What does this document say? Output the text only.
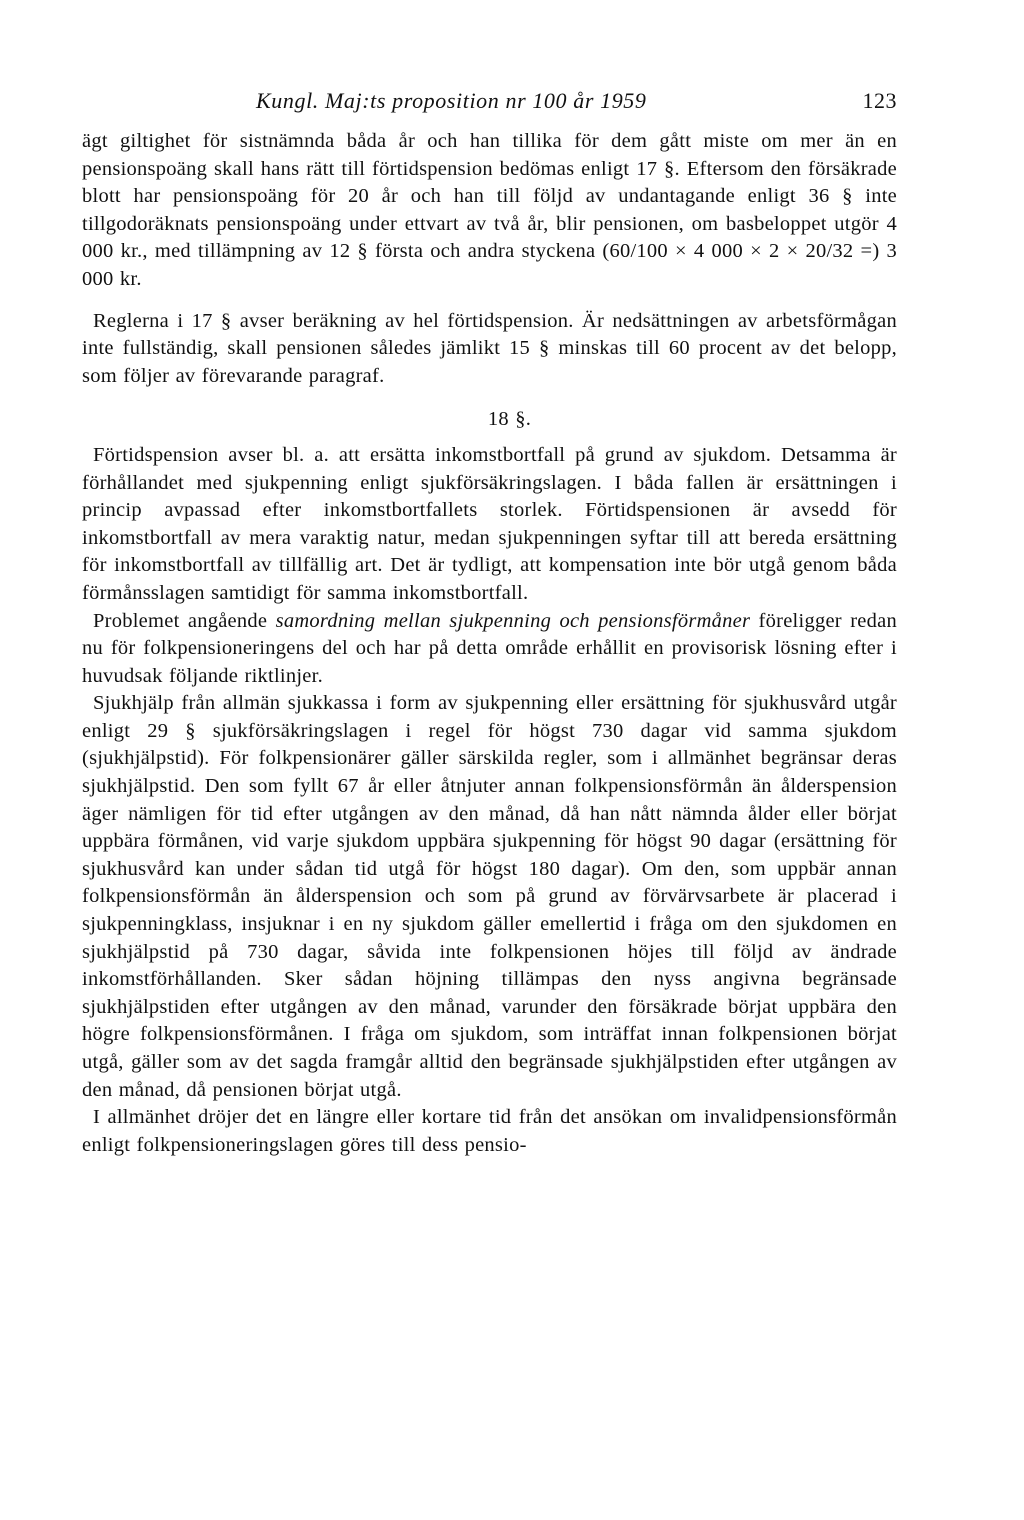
Kungl. Maj:ts proposition nr 100 år 1959	123

ägt giltighet för sistnämnda båda år och han tillika för dem gått miste om mer än en pensionspoäng skall hans rätt till förtidspension bedömas enligt 17 §. Eftersom den försäkrade blott har pensionspoäng för 20 år och han till följd av undantagande enligt 36 § inte tillgodoräknats pensionspoäng under ettvart av två år, blir pensionen, om basbeloppet utgör 4 000 kr., med tillämpning av 12 § första och andra styckena (60/100 × 4 000 × 2 × 20/32 =) 3 000 kr.

Reglerna i 17 § avser beräkning av hel förtidspension. Är nedsättningen av arbetsförmågan inte fullständig, skall pensionen således jämlikt 15 § minskas till 60 procent av det belopp, som följer av förevarande paragraf.

18 §.

Förtidspension avser bl. a. att ersätta inkomstbortfall på grund av sjukdom. Detsamma är förhållandet med sjukpenning enligt sjukförsäkringslagen. I båda fallen är ersättningen i princip avpassad efter inkomstbortfallets storlek. Förtidspensionen är avsedd för inkomstbortfall av mera varaktig natur, medan sjukpenningen syftar till att bereda ersättning för inkomstbortfall av tillfällig art. Det är tydligt, att kompensation inte bör utgå genom båda förmånsslagen samtidigt för samma inkomstbortfall.

Problemet angående samordning mellan sjukpenning och pensionsförmåner föreligger redan nu för folkpensioneringens del och har på detta område erhållit en provisorisk lösning efter i huvudsak följande riktlinjer.

Sjukhjälp från allmän sjukkassa i form av sjukpenning eller ersättning för sjukhusvård utgår enligt 29 § sjukförsäkringslagen i regel för högst 730 dagar vid samma sjukdom (sjukhjälpstid). För folkpensionärer gäller särskilda regler, som i allmänhet begränsar deras sjukhjälpstid. Den som fyllt 67 år eller åtnjuter annan folkpensionsförmån än ålderspension äger nämligen för tid efter utgången av den månad, då han nått nämnda ålder eller börjat uppbära förmånen, vid varje sjukdom uppbära sjukpenning för högst 90 dagar (ersättning för sjukhusvård kan under sådan tid utgå för högst 180 dagar). Om den, som uppbär annan folkpensionsförmån än ålderspension och som på grund av förvärvsarbete är placerad i sjukpenningklass, insjuknar i en ny sjukdom gäller emellertid i fråga om den sjukdomen en sjukhjälpstid på 730 dagar, såvida inte folkpensionen höjes till följd av ändrade inkomstförhållanden. Sker sådan höjning tillämpas den nyss angivna begränsade sjukhjälpstiden efter utgången av den månad, varunder den försäkrade börjat uppbära den högre folkpensionsförmånen. I fråga om sjukdom, som inträffat innan folkpensionen börjat utgå, gäller som av det sagda framgår alltid den begränsade sjukhjälpstiden efter utgången av den månad, då pensionen börjat utgå.

I allmänhet dröjer det en längre eller kortare tid från det ansökan om invalidpensionsförmån enligt folkpensioneringslagen göres till dess pensio-
